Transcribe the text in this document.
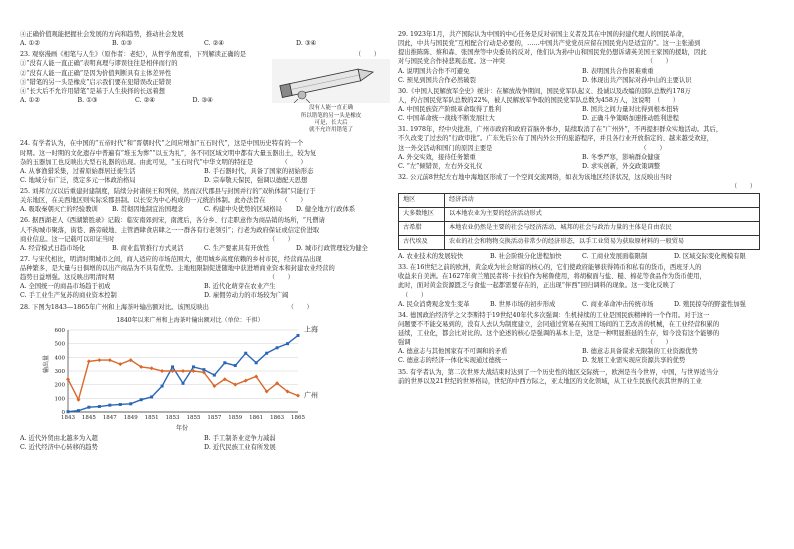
④正确价值观能把握社会发展的方向和趋势，推动社会发展
A. ①②	B. ①③	C. ②④	D. ③④
23. 观察漫画《相笔与人生》（原作者：老纪），从哲学角度看，下列解读正确的是
①“没有人能一直正确”表明真理与谬误往往是相伴而行的
②“没有人能一直正确”是因为价值判断具有主体差异性
③“错笔的另一头是橡皮”启示我们要在犯错误改正错误
④“长大后不允许用错笔”是基于人生抉择的长远着想
A. ①②	B. ①③	C. ②④	D. ③④
（　　）
没有人能一直正确
所以错笔的另一头是橡皮
可是，长大后
就不允许用错笔了
24. 有学者认为，在中国的“五帝时代”和“晋朝时代”之间应增加“五石时代”，这是中国历史特有的一个
时期。这一时期的文化遗存中普遍有“堆玉为葬”“以玉为礼”，各不同区域文明中都有大量玉器出土，较为复
杂的玉器加工也反映出大型石礼器的出现。由此可见，“玉石时代”中华文明的特征是　　　　　（　　）
A. 从事渔猎采集，过着原始群居迁徙生活	B. 手石器时代，具备了国家的初始形态
C. 地域分布广泛，奠定多元一体政治格局	D. 宗奉敬天保民，强调以德配天思想
25. 刘邦立汉以后重建封建制度，陆续分封诸侯王和列侯，然而汉代郡县与封国并行的“双轨体制”只能行于
关东地区，在关西地区则实际采郡县制。以长安为中心构成的一元统治体制。此办法旨在　　　（　　）
A. 吸取秦朝灭亡的经验教训	B. 贯彻因地制宜治国理念	C. 构建中央优势的区域格局	D. 健全地方行政体系
26. 据西湖老人《西湖繁胜录》记载：临安南郊到宋，南渡后，各分乡、行走职意作为商品销的场所，“凡僧请
人不拘城市聚落，街巷、路旁破地、主管酒肆食店肆之一一群各有行老领引”；行老为政府保证或信定价进取
商业信息。这一记载可以印证当时　　　　　　　　　　　　　　　　　　　　　　　　　（　　）
A. 经营模式日趋市场化	B. 商业监管推行方式灵活	C. 生产要素具有开放性	D. 城市行政管理较为健全
27. 与宋代相比，明清时期城市之间，商人适应的市场范围大，使用城乡高度依赖的乡村市民，经营商品出现
品种繁多，是大量与日俱增的以出产商品为不具有优势。主地租限制促进随地中获进增商业资本和封建农业经营的
趋势日益增强。这反映出明清时期　　　　　　　　　　　　　　　　　　　　　　　　　（　　）
A. 全国统一的商品市场趋于初成	B. 近代化萌芽在农业产生
C. 手工业生产复苏的商业资本控制	D. 雇佣劳动力的市场较为广阔
28. 下图为1843—1865年广州和上海茶叶输出额对比。该图反映出　　　　　　　　　　　　　（　　）
1840年以来广州和上海茶叶输出额对比（单位：千担）
输出量
年份
0
100
200
300
400
500
600
1843 1845 1847 1849 1851 1853 1855 1857 1859 1861 1863 1865
上海
广州
A. 近代外贸由北越多为入超	B. 手工制茶业竞争力减弱
C. 近代经济中心转移的趋势	D. 近代民族工业有所发展
29. 1923年1月，共产国际认为中国的中心任务是反对帝国主义者及其在中国的封建代理人的国民革命，
因此，中共与国民党“互相配合行动是必要的，……中国共产党党员应留在国民党内是适宜的”。这一主张通到
提出推陈陈、蔡和森、张国焘等中央委员的反对，他们认为孙中山和国民党仍想诉诸英美国王家国的援助，因此
对与国民党合作持悲观态度。这一冲突　　　　　　　　　　　　　　　　　　　　　　　（　　）
A. 说明国共合作不可避免	B. 表明国共合作困难重重
C. 预见到国共合作必然破裂	D. 体现出共产国际对孙中山的主要认识
30.《中国人民解放军全史》统计：在解放战争期间，国民党军队起义、投诚以及改编的部队总数约178万
人，约占国民党军队总数的22%，被人民解放军争取的国民党军队总数为458万人，这说明　（　　）
A. 中国民族资产阶级革命取得了胜利	B. 国共之间力量对比得到根本扭转
C. 中国革命统一战线不断发展壮大	D. 正确斗争策略加速推动胜利进程
31. 1978年，经中央批准，广州市政府和政府首脑外事办，陆续取消了在“广州外”，不再提拒群众实地活动。其后，
不久改变了过去的“行政审批”。广东先后公布了国内外公开的旅游程序，并且各行业开放指定的、越来越受欢迎，
这一外交活动和国门的原因主要是　　　　　　　　　　　　　　　　　　　　　　　　（　　）
A. 外交实效，接待任务繁重	B. 冬季严寒，影响群众健康
C. “左”倾错误，左右外交礼仪	D. 求实创新，外交政策调整
32. 公元前8世纪左右地中海地区形成了一个空间交流网络，如表为该地区经济状况，这反映出当时
（　　）
地区	经济活动
大多数地区	以本地农业为主要的经济活动形式
古希腊	本地农业仍然是主要的社会与经济活动，城邦的社会与政治力量的主体是自由农民
古代埃及	农业的社会和物物交换活动非常少的经济形态，以手工业贸易为获取原材料的一般贸易
A. 农业技术的发展较快	B. 社会阶级分化进程加快	C. 工商业发展面临限制	D. 区域交际变化规模有限
33. 在16世纪之前的欧洲，黄金成为社会财富的核心的，它们使政府能够获得铸币和私有的货币，西班牙人的
收益来自美洲。在1627年荷兰殖民者将·卡拉伯作为秘鲁使用，将胡椒面与盐、糙、棉花等食品作为货币使用，
此时，面对黄金资源匮乏与食盐一起都需要存在的，正出现“伴西”回归调料的现象。这一变化反映了
（　　）
A. 民众消费观念发生变革	B. 世界市场的初步形成	C. 商业革命冲击传统市场	D. 殖民掠夺的野蛮性加强
34. 德国政治经济学之父李斯特于19世纪40年代多次强调：生机持续的工业是国民族精神的一个作用。对于这一
问题要不不能交易到的，没有人去认为制度建立，会同通过贸易在英国工场间的工艺改善的机械，在工业经营积累的
延续，工业化，都会比对比的。这个论述的核心是强调的基本上是，这是一种明显推延的生存，如今没有这个能够的
强调　　　　　　　　　　　　　　　　　　　　　　　　　　　　　　　　　　　　　　（　　）
A. 德意志与其他国家有不可调和的矛盾	B. 德意志具备谋求无限制的工业资源优势
C. 德意志的经济一体化实现通过德统一	D. 发展工业需实现应资源共享的优势
35. 有学者认为，第二次世界大战结束时达到了一个历史性的地区交际统一，欧洲是当今世界，中国，与世界适当分
前的世界以及21世纪的世界格局，世纪的中西方际之，亚太地区的文化领域，从工业生民族代表其世界的工业
